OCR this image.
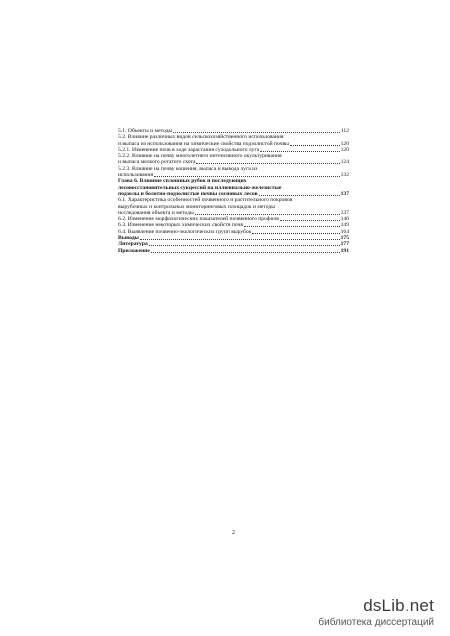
5.1. Объекты и методы	112
5.2. Влияние различных видов сельскохозяйственного использования
и выпаса из использования на химические свойства подзолистой почвы	120
5.2.1. Изменение почв в ходе зарастания суходольного луга	120
5.2.2. Влияние на почву многолетнего интенсивного окультуривания
и выпаса мелкого рогатого скота	124
5.2.3. Влияние на почву кошения, выпаса и вывода луга из
использования	132
Глава 6. Влияние сплошных рубок и последующих
лесовосстановительных сукцессий на иллювиально-железистые
подзолы и болотно-подзолистые почвы сосновых лесов	137
6.1. Характеристика особенностей почвенного и растительного покровов
вырубочных и контрольных мониторинговых площадок и методы
исследования объекта и методы	137
6.2. Изменение морфологических показателей почвенного профиля	146
6.3. Изменение некоторых химических свойств почв	149
6.4. Выявление почвенно-экологических групп вырубок	164
Выводы	175
Литература	177
Приложение	191
2
dsLib.net
библиотека диссертаций
